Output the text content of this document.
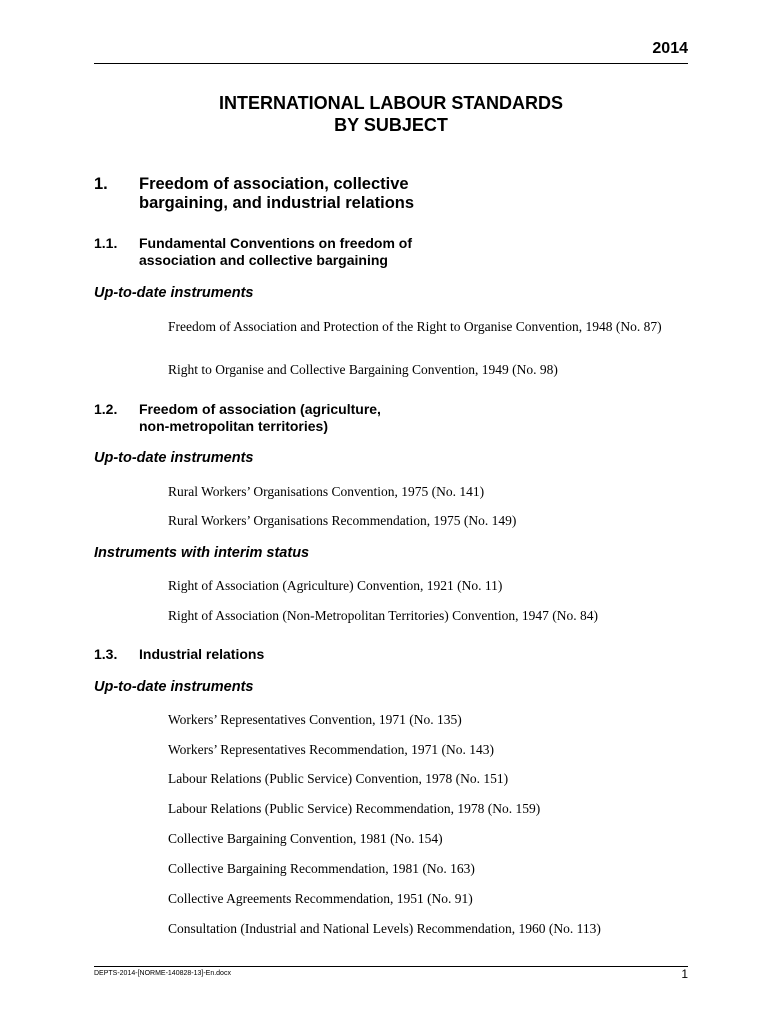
2014
INTERNATIONAL LABOUR STANDARDS
BY SUBJECT
1. Freedom of association, collective
bargaining, and industrial relations
1.1. Fundamental Conventions on freedom of
association and collective bargaining
Up-to-date instruments
Freedom of Association and Protection of the Right to Organise Convention, 1948 (No. 87)
Right to Organise and Collective Bargaining Convention, 1949 (No. 98)
1.2. Freedom of association (agriculture,
non-metropolitan territories)
Up-to-date instruments
Rural Workers’ Organisations Convention, 1975 (No. 141)
Rural Workers’ Organisations Recommendation, 1975 (No. 149)
Instruments with interim status
Right of Association (Agriculture) Convention, 1921 (No. 11)
Right of Association (Non-Metropolitan Territories) Convention, 1947 (No. 84)
1.3. Industrial relations
Up-to-date instruments
Workers’ Representatives Convention, 1971 (No. 135)
Workers’ Representatives Recommendation, 1971 (No. 143)
Labour Relations (Public Service) Convention, 1978 (No. 151)
Labour Relations (Public Service) Recommendation, 1978 (No. 159)
Collective Bargaining Convention, 1981 (No. 154)
Collective Bargaining Recommendation, 1981 (No. 163)
Collective Agreements Recommendation, 1951 (No. 91)
Consultation (Industrial and National Levels) Recommendation, 1960 (No. 113)
DEPTS-2014-[NORME-140828-13]-En.docx	1
